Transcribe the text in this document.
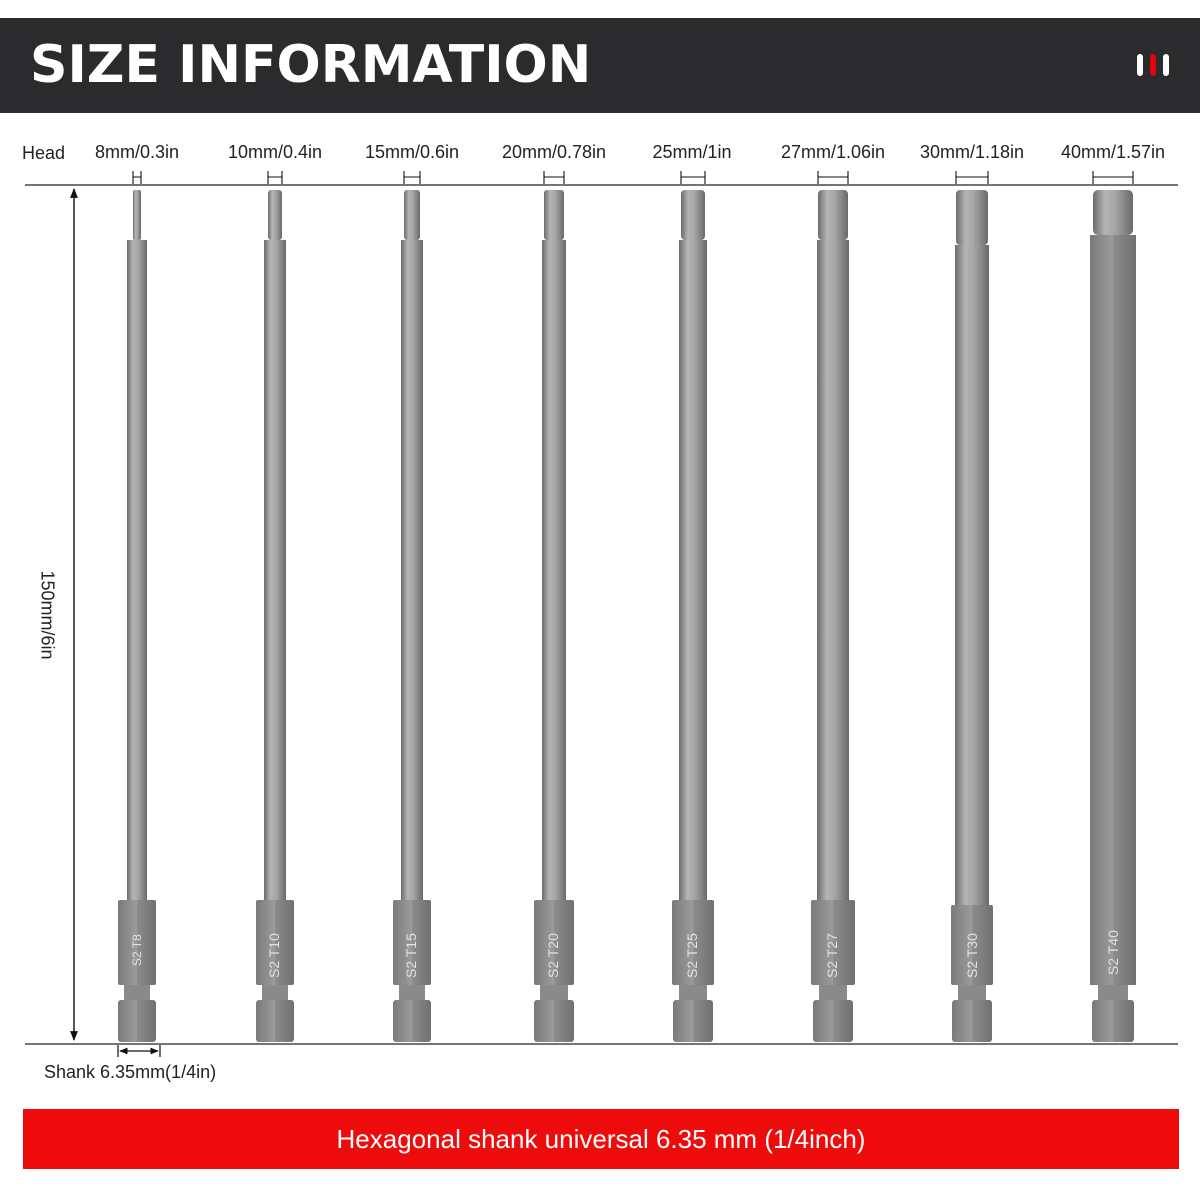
SIZE INFORMATION
Head	8mm/0.3in	10mm/0.4in	15mm/0.6in	20mm/0.78in	25mm/1in	27mm/1.06in	30mm/1.18in	40mm/1.57in
S2 T8	S2 T10	S2 T15	S2 T20	S2 T25	S2 T27	S2 T30	S2 T40
150mm/6in
Shank 6.35mm(1/4in)
Hexagonal shank universal 6.35 mm (1/4inch)
